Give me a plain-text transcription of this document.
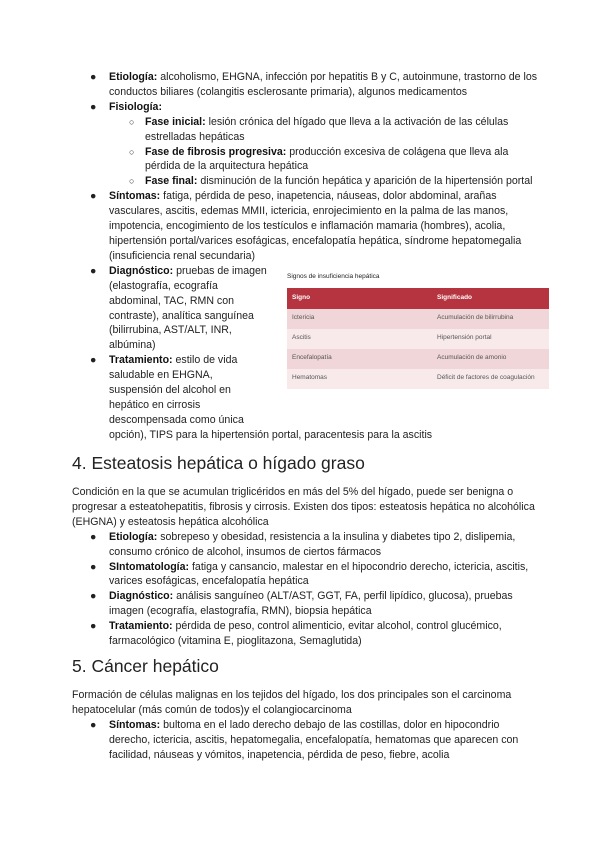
● Etiología: alcoholismo, EHGNA, infección por hepatitis B y C, autoinmune, trastorno de los conductos biliares (colangitis esclerosante primaria), algunos medicamentos
● Fisiología:
○ Fase inicial: lesión crónica del hígado que lleva a la activación de las células estrelladas hepáticas
○ Fase de fibrosis progresiva: producción excesiva de colágena que lleva ala pérdida de la arquitectura hepática
○ Fase final: disminución de la función hepática y aparición de la hipertensión portal
● Síntomas: fatiga, pérdida de peso, inapetencia, náuseas, dolor abdominal, arañas vasculares, ascitis, edemas MMII, ictericia, enrojecimiento en la palma de las manos, impotencia, encogimiento de los testículos e inflamación mamaria (hombres), acolia, hipertensión portal/varices esofágicas, encefalopatía hepática, síndrome hepatomegalia (insuficiencia renal secundaria)
● Diagnóstico: pruebas de imagen (elastografía, ecografía abdominal, TAC, RMN con contraste), analítica sanguínea (bilirrubina, AST/ALT, INR, albúmina)
● Tratamiento: estilo de vida saludable en EHGNA, suspensión del alcohol en hepático en cirrosis descompensada como única
opción), TIPS para la hipertensión portal, paracentesis para la ascitis
Signos de insuficiencia hepática
Signo	Significado
Ictericia	Acumulación de bilirrubina
Ascitis	Hipertensión portal
Encefalopatía	Acumulación de amonio
Hematomas	Déficit de factores de coagulación
4. Esteatosis hepática o hígado graso
Condición en la que se acumulan triglicéridos en más del 5% del hígado, puede ser benigna o progresar a esteatohepatitis, fibrosis y cirrosis. Existen dos tipos: esteatosis hepática no alcohólica (EHGNA) y esteatosis hepática alcohólica
● Etiología: sobrepeso y obesidad, resistencia a la insulina y diabetes tipo 2, dislipemia, consumo crónico de alcohol, insumos de ciertos fármacos
● SIntomatología: fatiga y cansancio, malestar en el hipocondrio derecho, ictericia, ascitis, varices esofágicas, encefalopatía hepática
● Diagnóstico: análisis sanguíneo (ALT/AST, GGT, FA, perfil lipídico, glucosa), pruebas imagen (ecografía, elastografía, RMN), biopsia hepática
● Tratamiento: pérdida de peso, control alimenticio, evitar alcohol, control glucémico, farmacológico (vitamina E, pioglitazona, Semaglutida)
5. Cáncer hepático
Formación de células malignas en los tejidos del hígado, los dos principales son el carcinoma hepatocelular (más común de todos)y el colangiocarcinoma
● Síntomas: bultoma en el lado derecho debajo de las costillas, dolor en hipocondrio derecho, ictericia, ascitis, hepatomegalia, encefalopatía, hematomas que aparecen con facilidad, náuseas y vómitos, inapetencia, pérdida de peso, fiebre, acolia
